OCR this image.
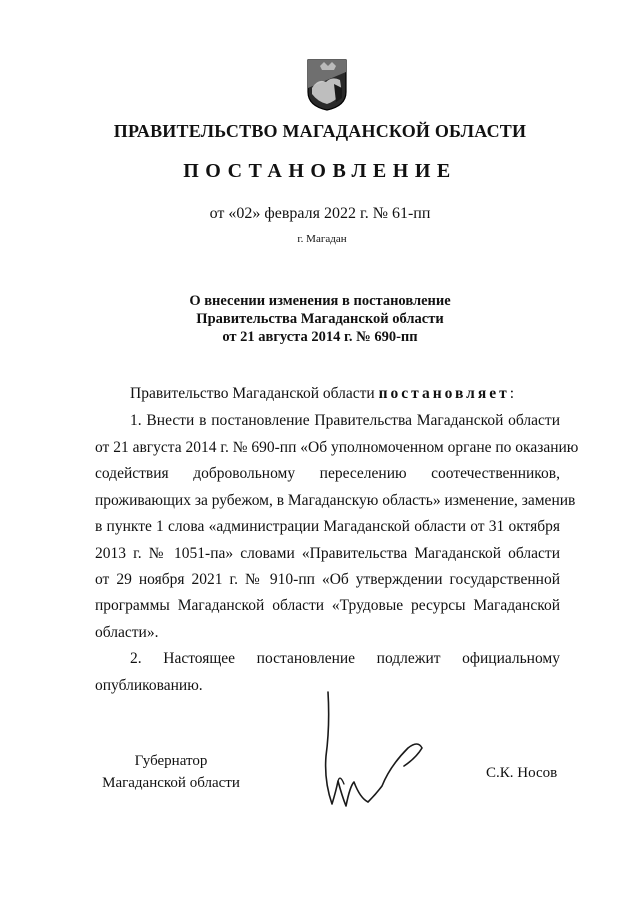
ПРАВИТЕЛЬСТВО МАГАДАНСКОЙ ОБЛАСТИ
ПОСТАНОВЛЕНИЕ
от «02» февраля 2022 г. № 61-пп
г. Магадан
О внесении изменения в постановление
Правительства Магаданской области
от 21 августа 2014 г. № 690-пп
Правительство Магаданской области постановляет:
1. Внести в постановление Правительства Магаданской области
от 21 августа 2014 г. № 690-пп «Об уполномоченном органе по оказанию
содействия добровольному переселению соотечественников,
проживающих за рубежом, в Магаданскую область» изменение, заменив
в пункте 1 слова «администрации Магаданской области от 31 октября
2013 г. № 1051-па» словами «Правительства Магаданской области
от 29 ноября 2021 г. № 910-пп «Об утверждении государственной
программы Магаданской области «Трудовые ресурсы Магаданской
области».
2. Настоящее постановление подлежит официальному
опубликованию.
Губернатор
Магаданской области
С.К. Носов
